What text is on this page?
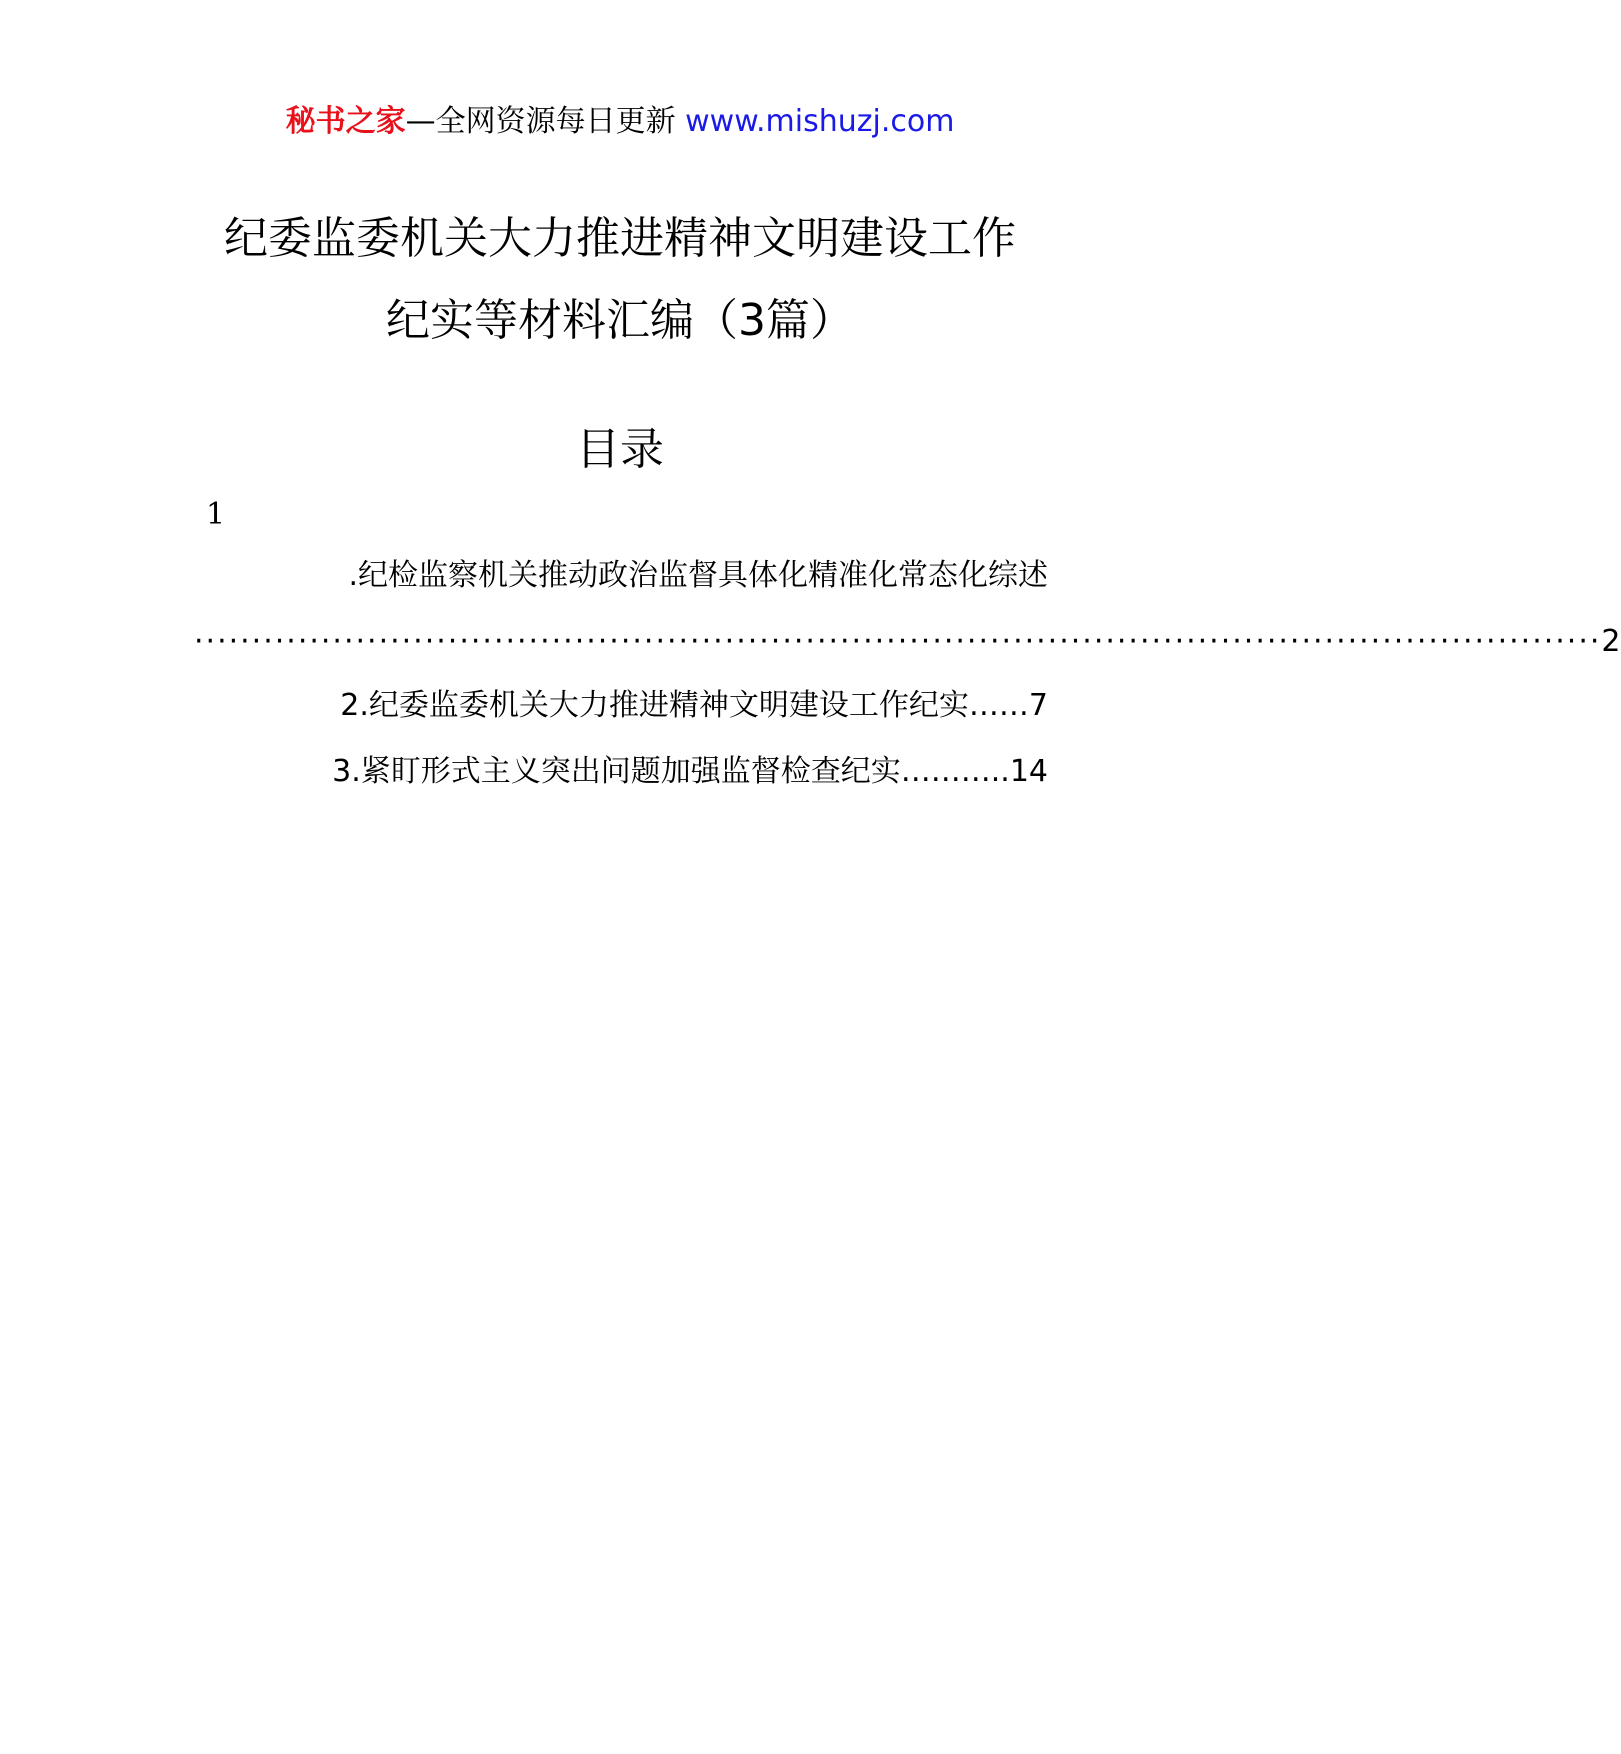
秘书之家—全网资源每日更新 www.mishuzj.com
纪委监委机关大力推进精神文明建设工作
纪实等材料汇编（3篇）
目录
1
.纪检监察机关推动政治监督具体化精准化常态化综述
·························································································································· 2
2.纪委监委机关大力推进精神文明建设工作纪实……7
3.紧盯形式主义突出问题加强监督检查纪实………..14
